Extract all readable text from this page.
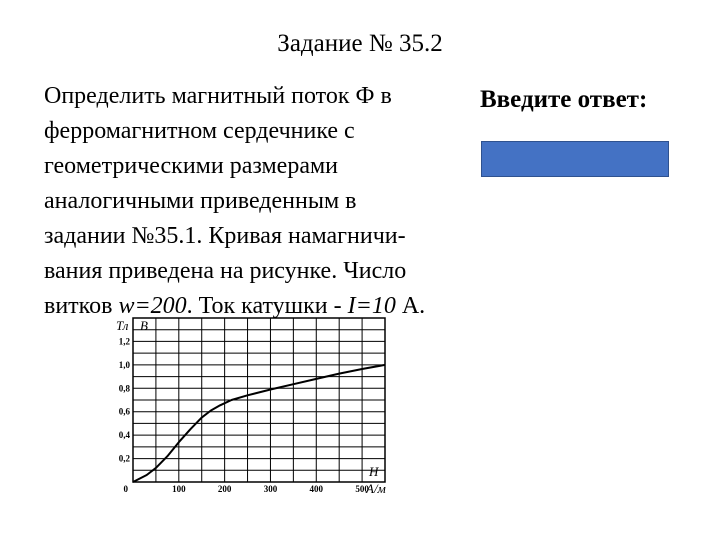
Задание № 35.2
Определить магнитный поток Ф в
ферромагнитном сердечнике с
геометрическими размерами
аналогичными приведенным в
задании №35.1. Кривая намагничи-
вания приведена на рисунке. Число
витков w=200. Ток катушки - I=10 А.
Введите ответ:
0,2
0,4
0,6
0,8
1,0
1,2
100	200	300	400	500
0
Тл B
H
А/м
